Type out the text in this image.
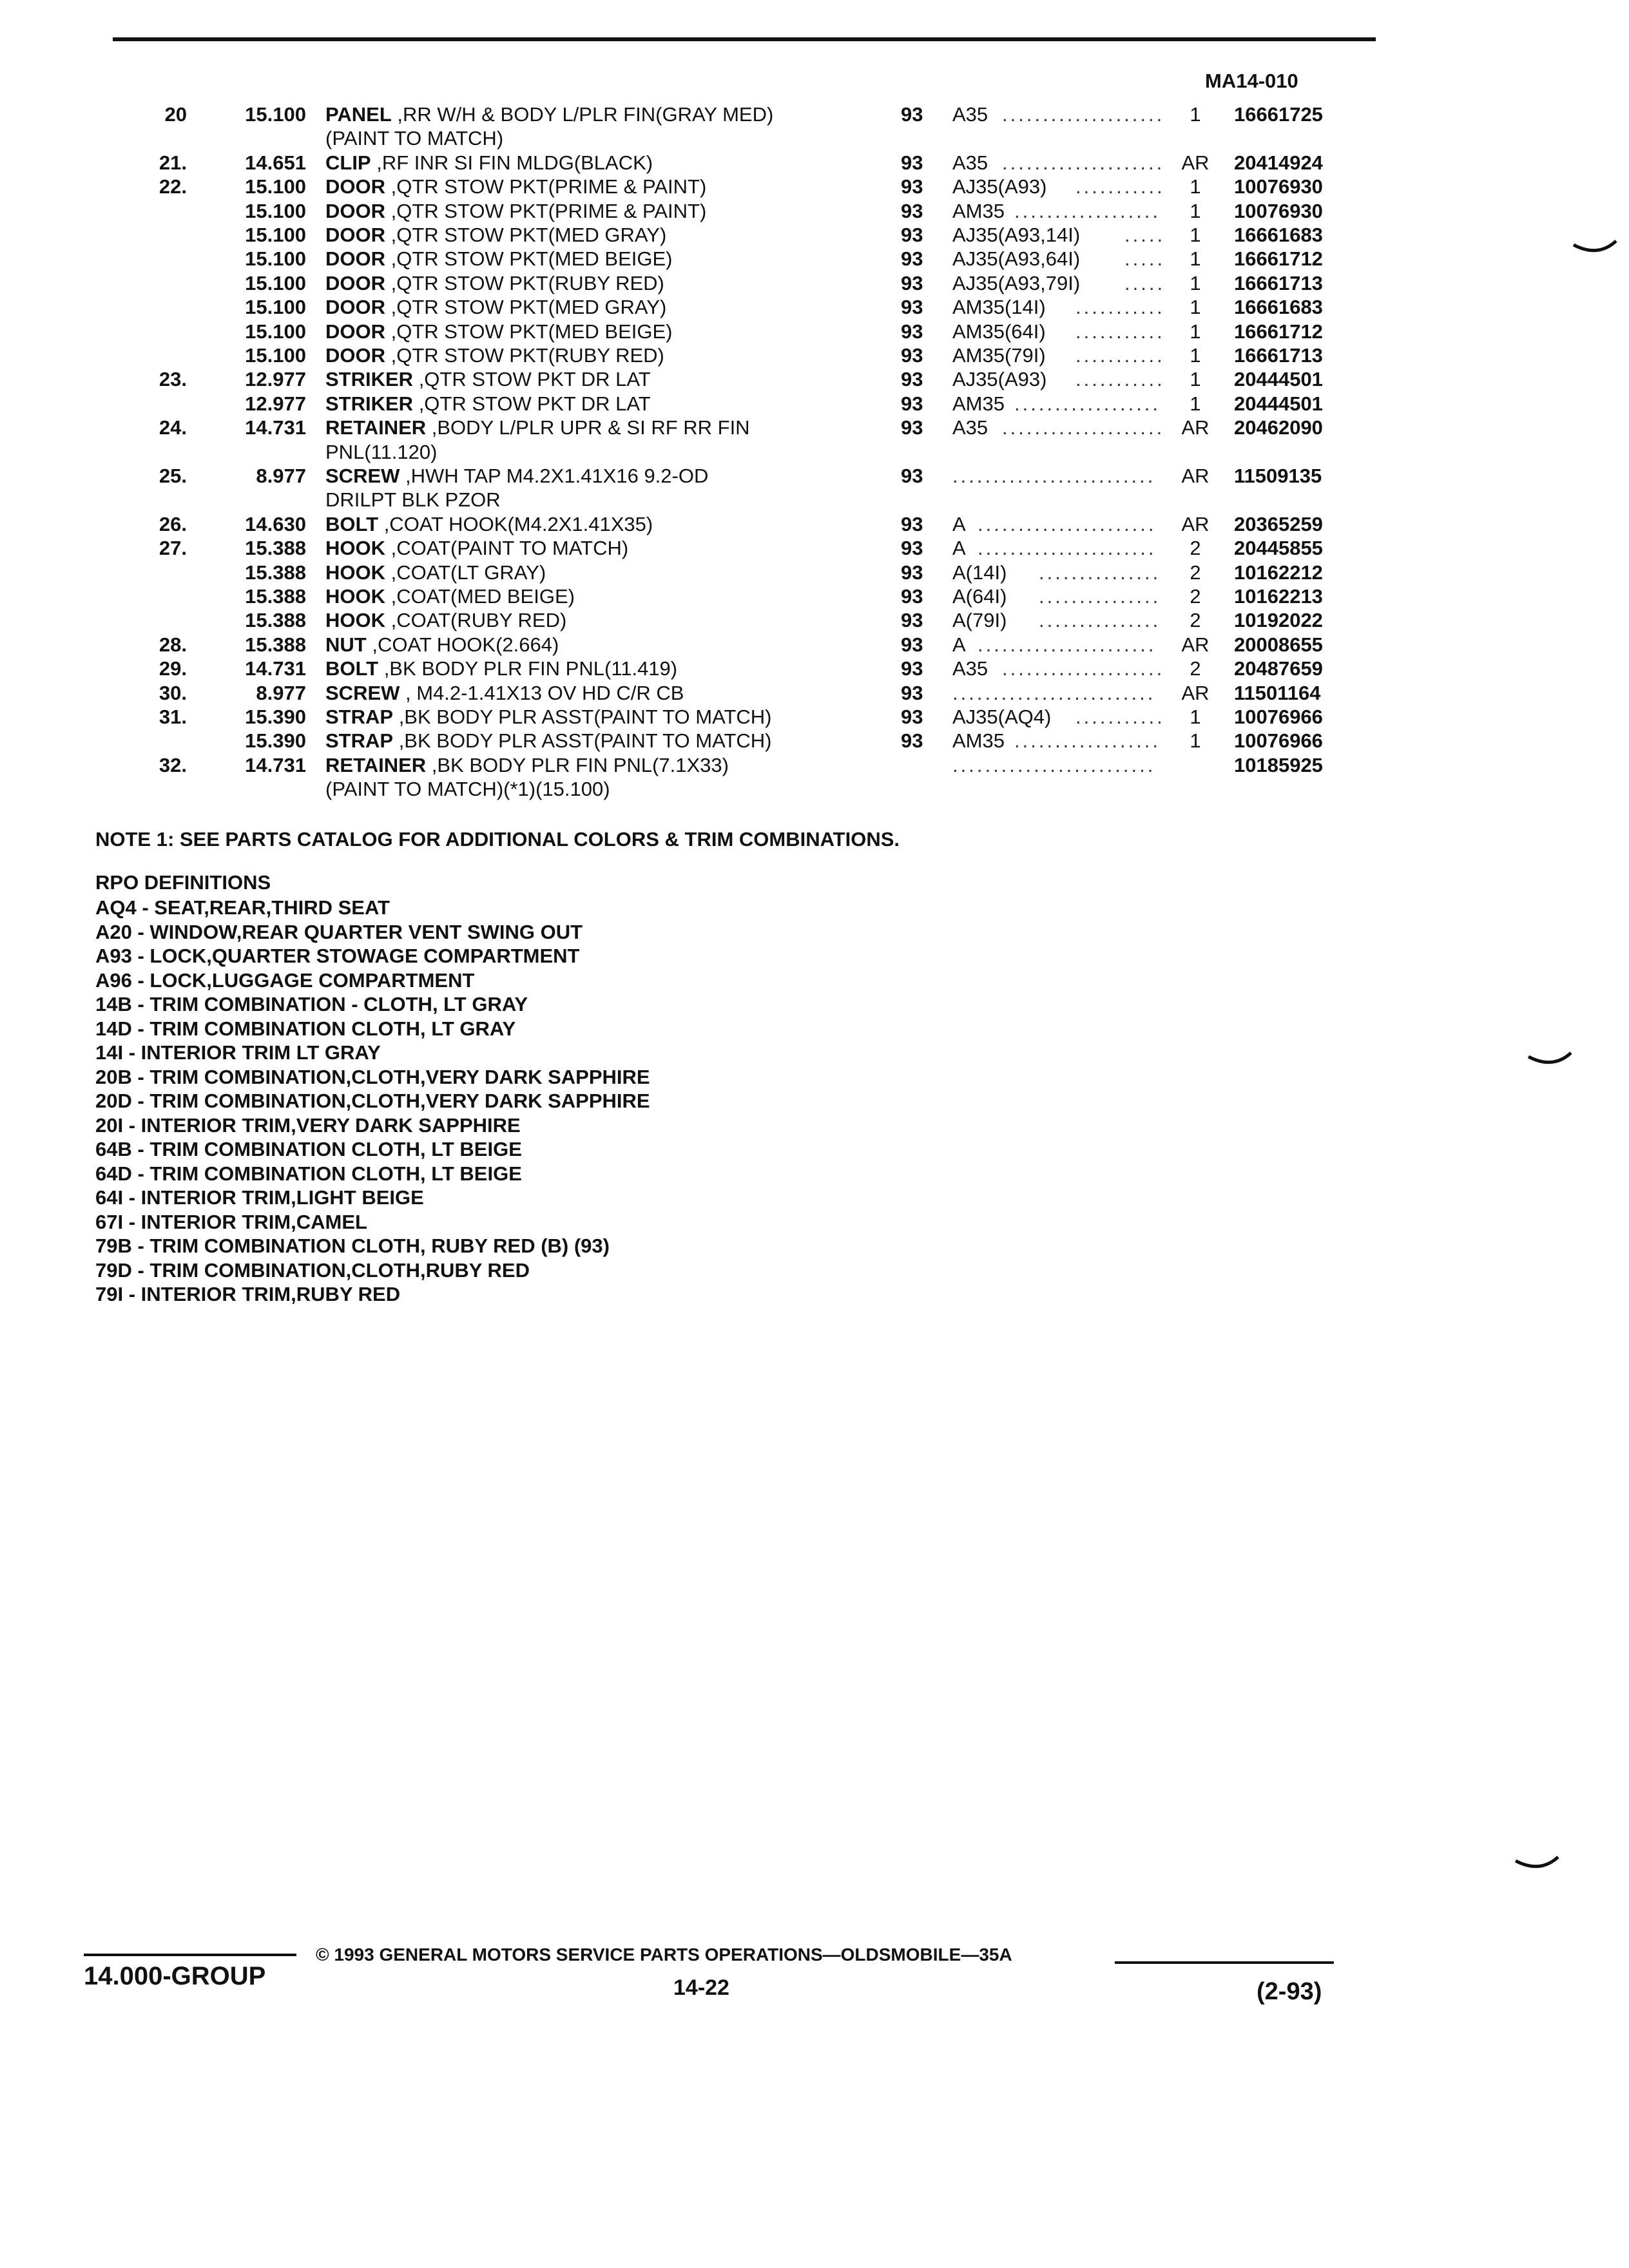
MA14-010
20	15.100 PANEL ,RR W/H & BODY L/PLR FIN(GRAY MED)	93 A35 ....................	1	16661725
(PAINT TO MATCH)
21.	14.651 CLIP ,RF INR SI FIN MLDG(BLACK)	93 A35 .................... AR 20414924
22.	15.100 DOOR ,QTR STOW PKT(PRIME & PAINT)	93 AJ35(A93) ...........	1	10076930
15.100 DOOR ,QTR STOW PKT(PRIME & PAINT)	93 AM35 ..................	1	10076930
15.100 DOOR ,QTR STOW PKT(MED GRAY)	93 AJ35(A93,14I) .....	1	16661683
15.100 DOOR ,QTR STOW PKT(MED BEIGE)	93 AJ35(A93,64I) .....	1	16661712
15.100 DOOR ,QTR STOW PKT(RUBY RED)	93 AJ35(A93,79I) .....	1	16661713
15.100 DOOR ,QTR STOW PKT(MED GRAY)	93 AM35(14I) ...........	1	16661683
15.100 DOOR ,QTR STOW PKT(MED BEIGE)	93 AM35(64I) ...........	1	16661712
15.100 DOOR ,QTR STOW PKT(RUBY RED)	93 AM35(79I) ...........	1	16661713
23.	12.977 STRIKER ,QTR STOW PKT DR LAT	93 AJ35(A93) ...........	1	20444501
12.977 STRIKER ,QTR STOW PKT DR LAT	93 AM35 ..................	1	20444501
24.	14.731 RETAINER ,BODY L/PLR UPR & SI RF RR FIN	93 A35 .................... AR 20462090
PNL(11.120)
25.	8.977 SCREW ,HWH TAP M4.2X1.41X16 9.2-OD	93 ......................... AR 11509135
DRILPT BLK PZOR
26.	14.630 BOLT ,COAT HOOK(M4.2X1.41X35)	93 A ...................... AR 20365259
27.	15.388 HOOK ,COAT(PAINT TO MATCH)	93 A ......................	2	20445855
15.388 HOOK ,COAT(LT GRAY)	93 A(14I) ...............	2	10162212
15.388 HOOK ,COAT(MED BEIGE)	93 A(64I) ...............	2	10162213
15.388 HOOK ,COAT(RUBY RED)	93 A(79I) ...............	2	10192022
28.	15.388 NUT ,COAT HOOK(2.664)	93 A ...................... AR 20008655
29.	14.731 BOLT ,BK BODY PLR FIN PNL(11.419)	93 A35 ....................	2	20487659
30.	8.977 SCREW , M4.2-1.41X13 OV HD C/R CB	93 ......................... AR 11501164
31.	15.390 STRAP ,BK BODY PLR ASST(PAINT TO MATCH)	93 AJ35(AQ4) ...........	1	10076966
15.390 STRAP ,BK BODY PLR ASST(PAINT TO MATCH)	93 AM35 ..................	1	10076966
32.	14.731 RETAINER ,BK BODY PLR FIN PNL(7.1X33)	.........................	10185925
(PAINT TO MATCH)(*1)(15.100)
NOTE 1: SEE PARTS CATALOG FOR ADDITIONAL COLORS & TRIM COMBINATIONS.
RPO DEFINITIONS
AQ4 - SEAT,REAR,THIRD SEAT
A20 - WINDOW,REAR QUARTER VENT SWING OUT
A93 - LOCK,QUARTER STOWAGE COMPARTMENT
A96 - LOCK,LUGGAGE COMPARTMENT
14B - TRIM COMBINATION - CLOTH, LT GRAY
14D - TRIM COMBINATION CLOTH, LT GRAY
14I - INTERIOR TRIM LT GRAY
20B - TRIM COMBINATION,CLOTH,VERY DARK SAPPHIRE
20D - TRIM COMBINATION,CLOTH,VERY DARK SAPPHIRE
20I - INTERIOR TRIM,VERY DARK SAPPHIRE
64B - TRIM COMBINATION CLOTH, LT BEIGE
64D - TRIM COMBINATION CLOTH, LT BEIGE
64I - INTERIOR TRIM,LIGHT BEIGE
67I - INTERIOR TRIM,CAMEL
79B - TRIM COMBINATION CLOTH, RUBY RED (B) (93)
79D - TRIM COMBINATION,CLOTH,RUBY RED
79I - INTERIOR TRIM,RUBY RED
14.000-GROUP
© 1993 GENERAL MOTORS SERVICE PARTS OPERATIONS—OLDSMOBILE—35A
14-22	(2-93)
